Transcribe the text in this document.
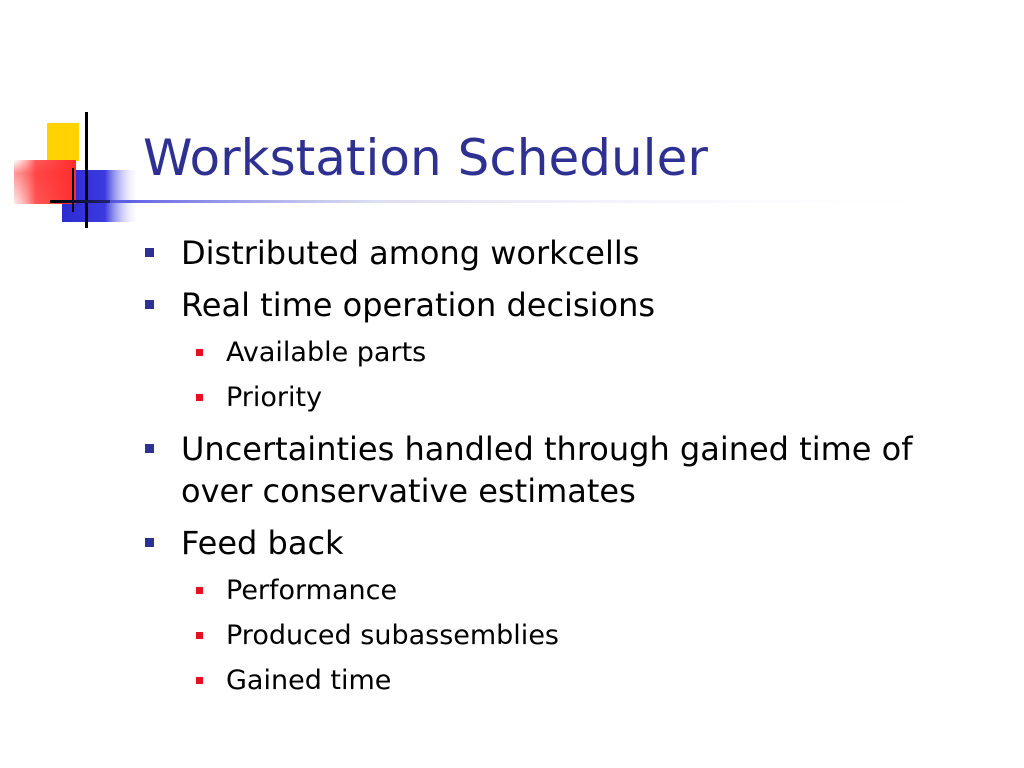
Workstation Scheduler
Distributed among workcells
Real time operation decisions
Available parts
Priority
Uncertainties handled through gained time of over conservative estimates
Feed back
Performance
Produced subassemblies
Gained time
